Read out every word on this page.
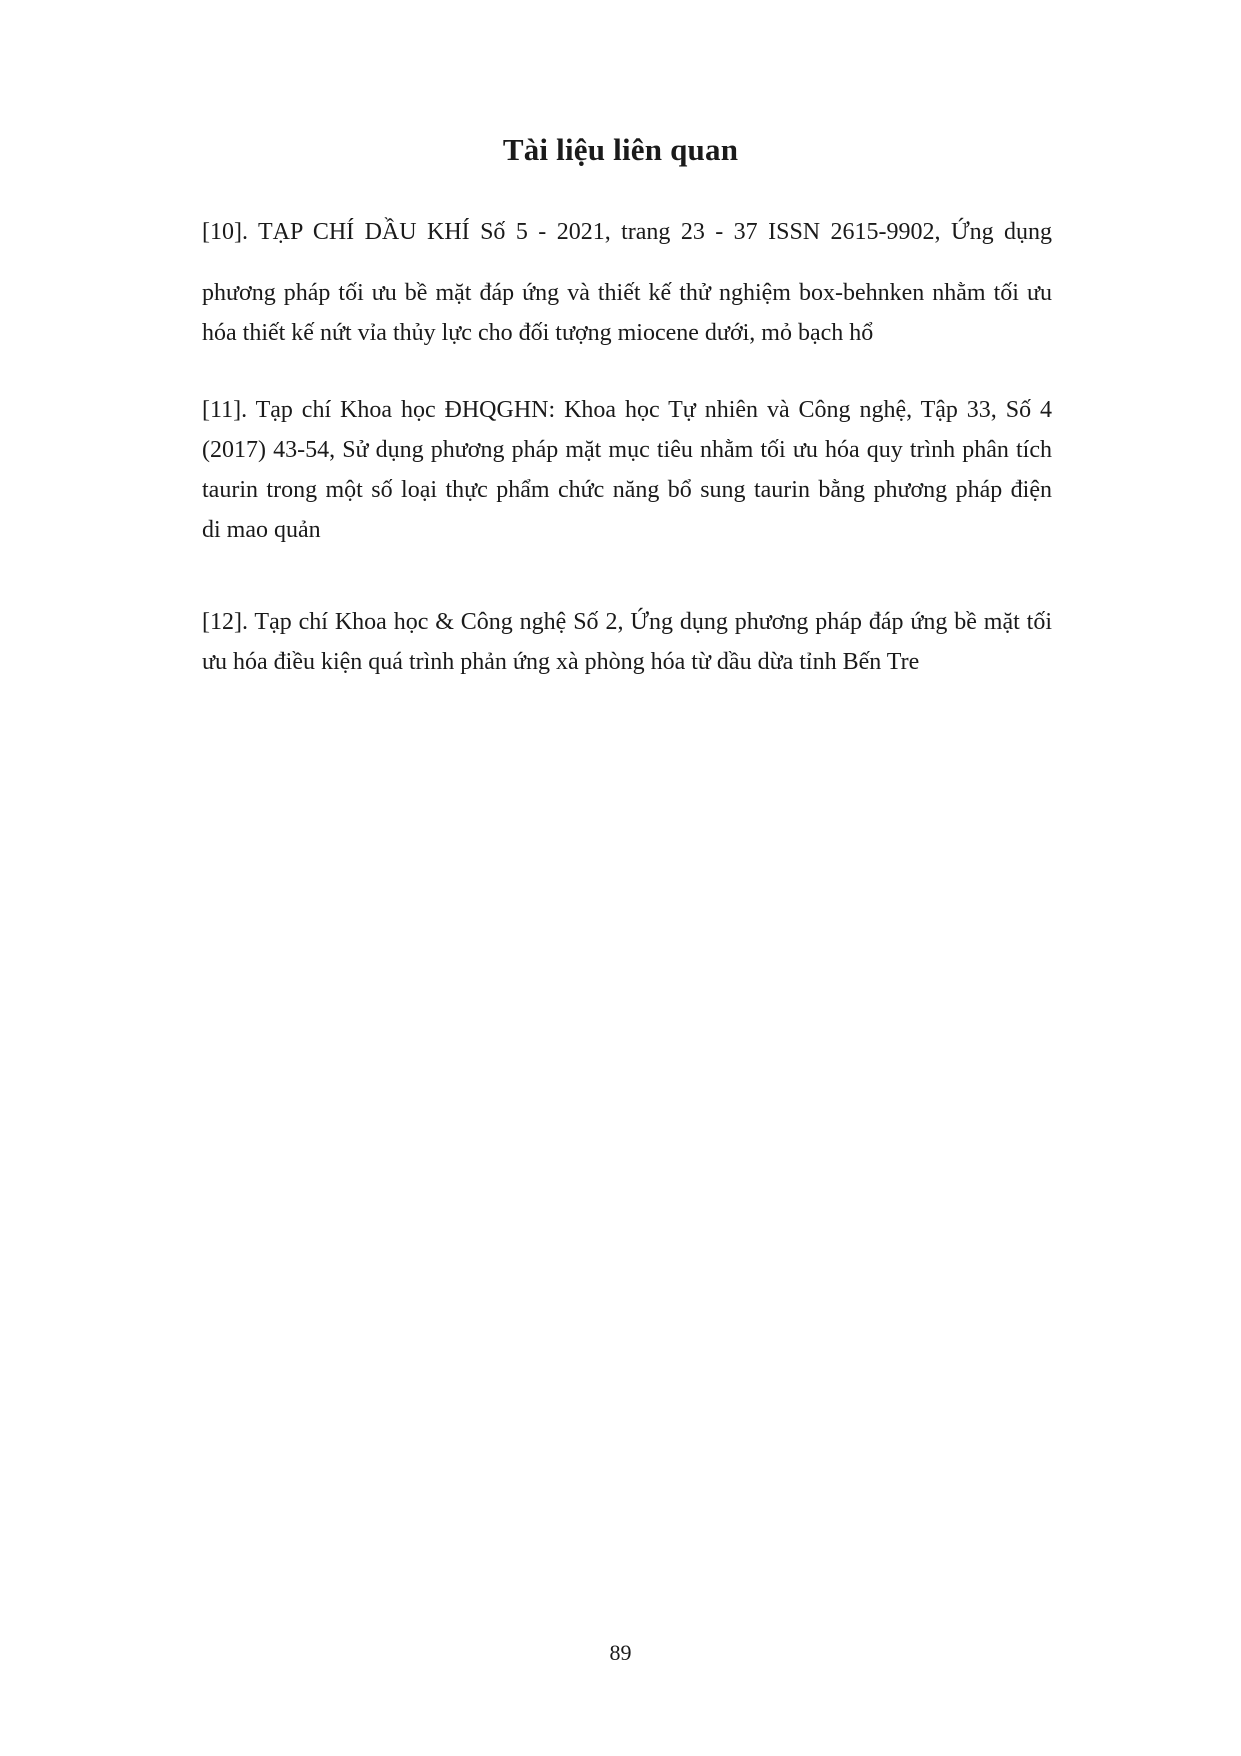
Tài liệu liên quan
[10]. TẠP CHÍ DẦU KHÍ Số 5 - 2021, trang 23 - 37 ISSN 2615-9902, Ứng dụng
phương pháp tối ưu bề mặt đáp ứng và thiết kế thử nghiệm box-behnken nhằm tối ưu
hóa thiết kế nứt vỉa thủy lực cho đối tượng miocene dưới, mỏ bạch hổ
[11]. Tạp chí Khoa học ĐHQGHN: Khoa học Tự nhiên và Công nghệ, Tập 33, Số 4
(2017) 43-54, Sử dụng phương pháp mặt mục tiêu nhằm tối ưu hóa quy trình phân tích
taurin trong một số loại thực phẩm chức năng bổ sung taurin bằng phương pháp điện
di mao quản
[12]. Tạp chí Khoa học & Công nghệ Số 2, Ứng dụng phương pháp đáp ứng bề mặt tối
ưu hóa điều kiện quá trình phản ứng xà phòng hóa từ dầu dừa tỉnh Bến Tre
89
